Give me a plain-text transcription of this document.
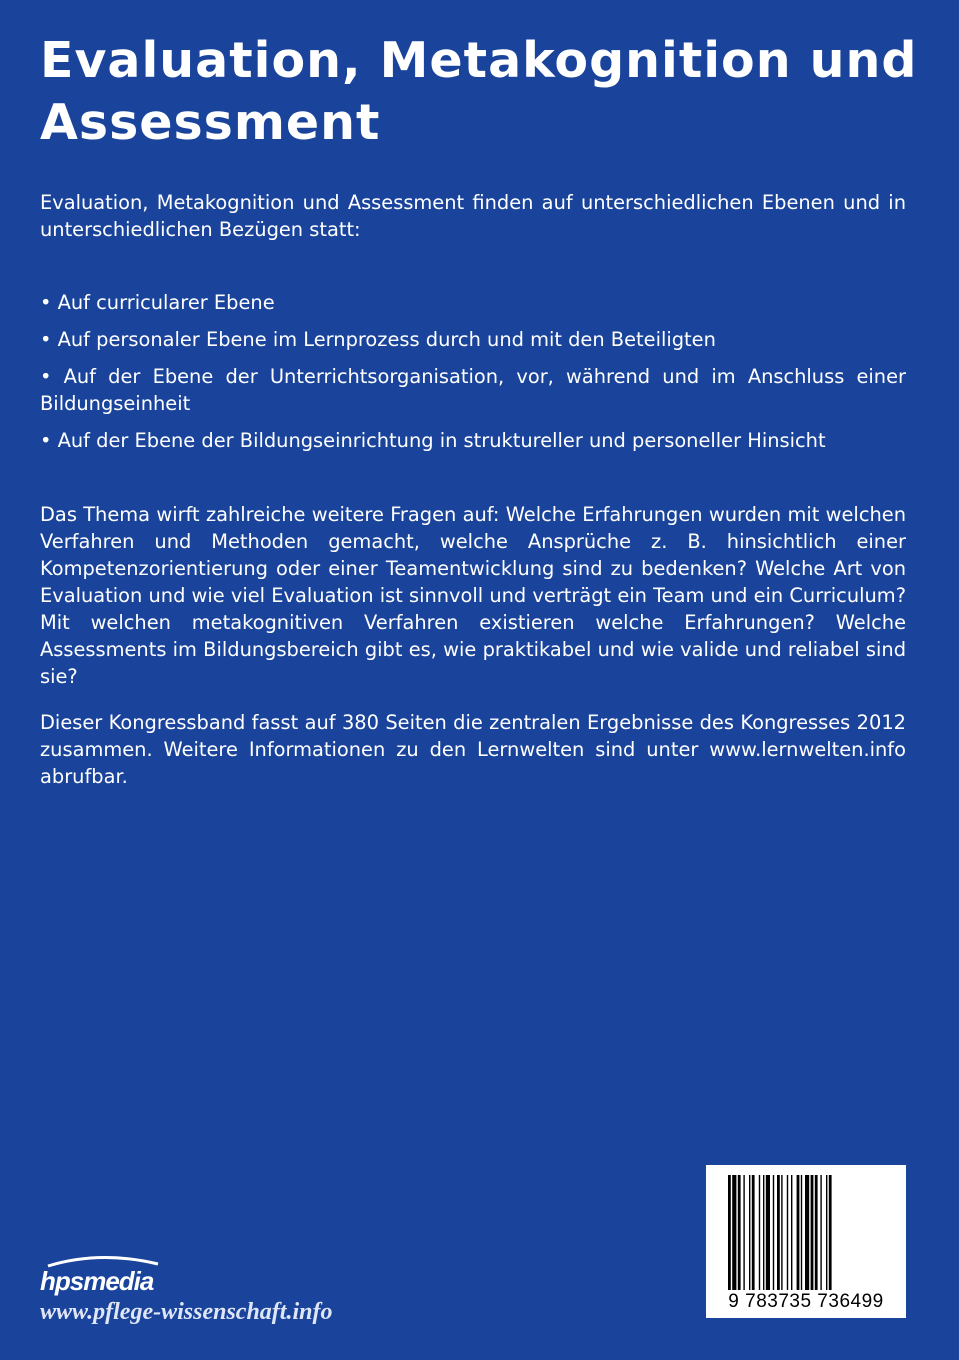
Evaluation, Metakognition und Assessment

Evaluation, Metakognition und Assessment finden auf unterschiedlichen Ebenen und in unterschiedlichen Bezügen statt:

• Auf curricularer Ebene
• Auf personaler Ebene im Lernprozess durch und mit den Beteiligten
• Auf der Ebene der Unterrichtsorganisation, vor, während und im Anschluss einer Bildungseinheit
• Auf der Ebene der Bildungseinrichtung in struktureller und personeller Hinsicht

Das Thema wirft zahlreiche weitere Fragen auf: Welche Erfahrungen wurden mit welchen Verfahren und Methoden gemacht, welche Ansprüche z. B. hinsichtlich einer Kompetenzorientierung oder einer Teamentwicklung sind zu bedenken? Welche Art von Evaluation und wie viel Evaluation ist sinnvoll und verträgt ein Team und ein Curriculum? Mit welchen metakognitiven Verfahren existieren welche Erfahrungen? Welche Assessments im Bildungsbereich gibt es, wie praktikabel und wie valide und reliabel sind sie?

Dieser Kongressband fasst auf 380 Seiten die zentralen Ergebnisse des Kongresses 2012 zusammen. Weitere Informationen zu den Lernwelten sind unter www.lernwelten.info abrufbar.

hpsmedia
www.pflege-wissenschaft.info	9 783735 736499
